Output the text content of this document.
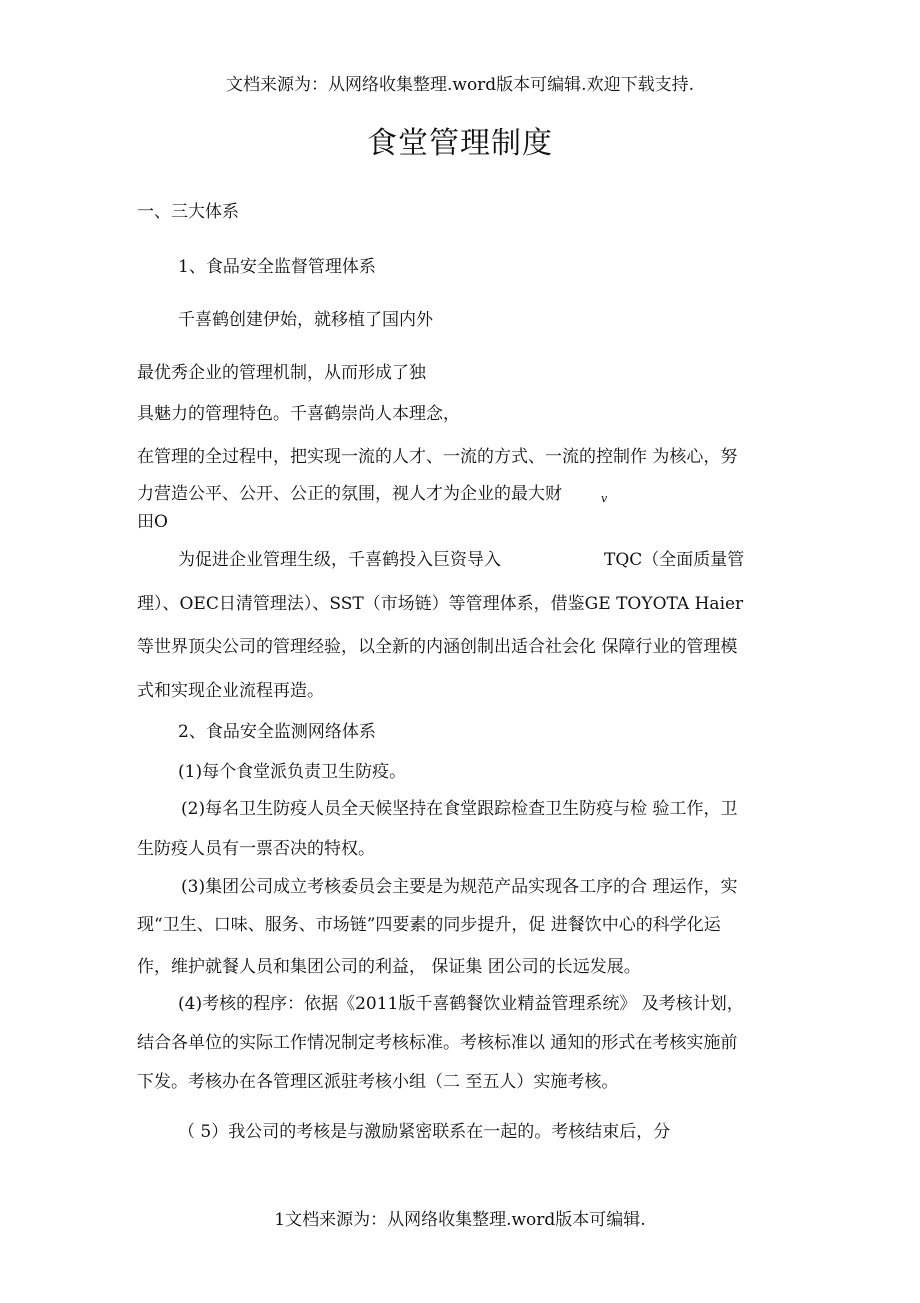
文档来源为：从网络收集整理.word版本可编辑.欢迎下载支持.
食堂管理制度
一、三大体系
1、食品安全监督管理体系
千喜鹤创建伊始，就移植了国内外
最优秀企业的管理机制，从而形成了独
具魅力的管理特色。千喜鹤崇尚人本理念，
在管理的全过程中，把实现一流的人才、一流的方式、一流的控制作 为核心，努
力营造公平、公开、公正的氛围，视人才为企业的最大财	v
田O
为促进企业管理生级，千喜鹤投入巨资导入	TQC（全面质量管
理）、OEC日清管理法）、SST（市场链）等管理体系，借鉴GE TOYOTA Haier
等世界顶尖公司的管理经验，以全新的内涵创制出适合社会化 保障行业的管理模
式和实现企业流程再造。
2、食品安全监测网络体系
(1)每个食堂派负责卫生防疫。
(2)每名卫生防疫人员全天候坚持在食堂跟踪检查卫生防疫与检 验工作，卫
生防疫人员有一票否决的特权。
(3)集团公司成立考核委员会主要是为规范产品实现各工序的合 理运作，实
现“卫生、口味、服务、市场链”四要素的同步提升，促 进餐饮中心的科学化运
作，维护就餐人员和集团公司的利益， 保证集 团公司的长远发展。
(4)考核的程序：依据《2011版千喜鹤餐饮业精益管理系统》 及考核计划，
结合各单位的实际工作情况制定考核标准。考核标准以 通知的形式在考核实施前
下发。考核办在各管理区派驻考核小组（二 至五人）实施考核。
（ 5）我公司的考核是与激励紧密联系在一起的。考核结束后，分
1文档来源为：从网络收集整理.word版本可编辑.
